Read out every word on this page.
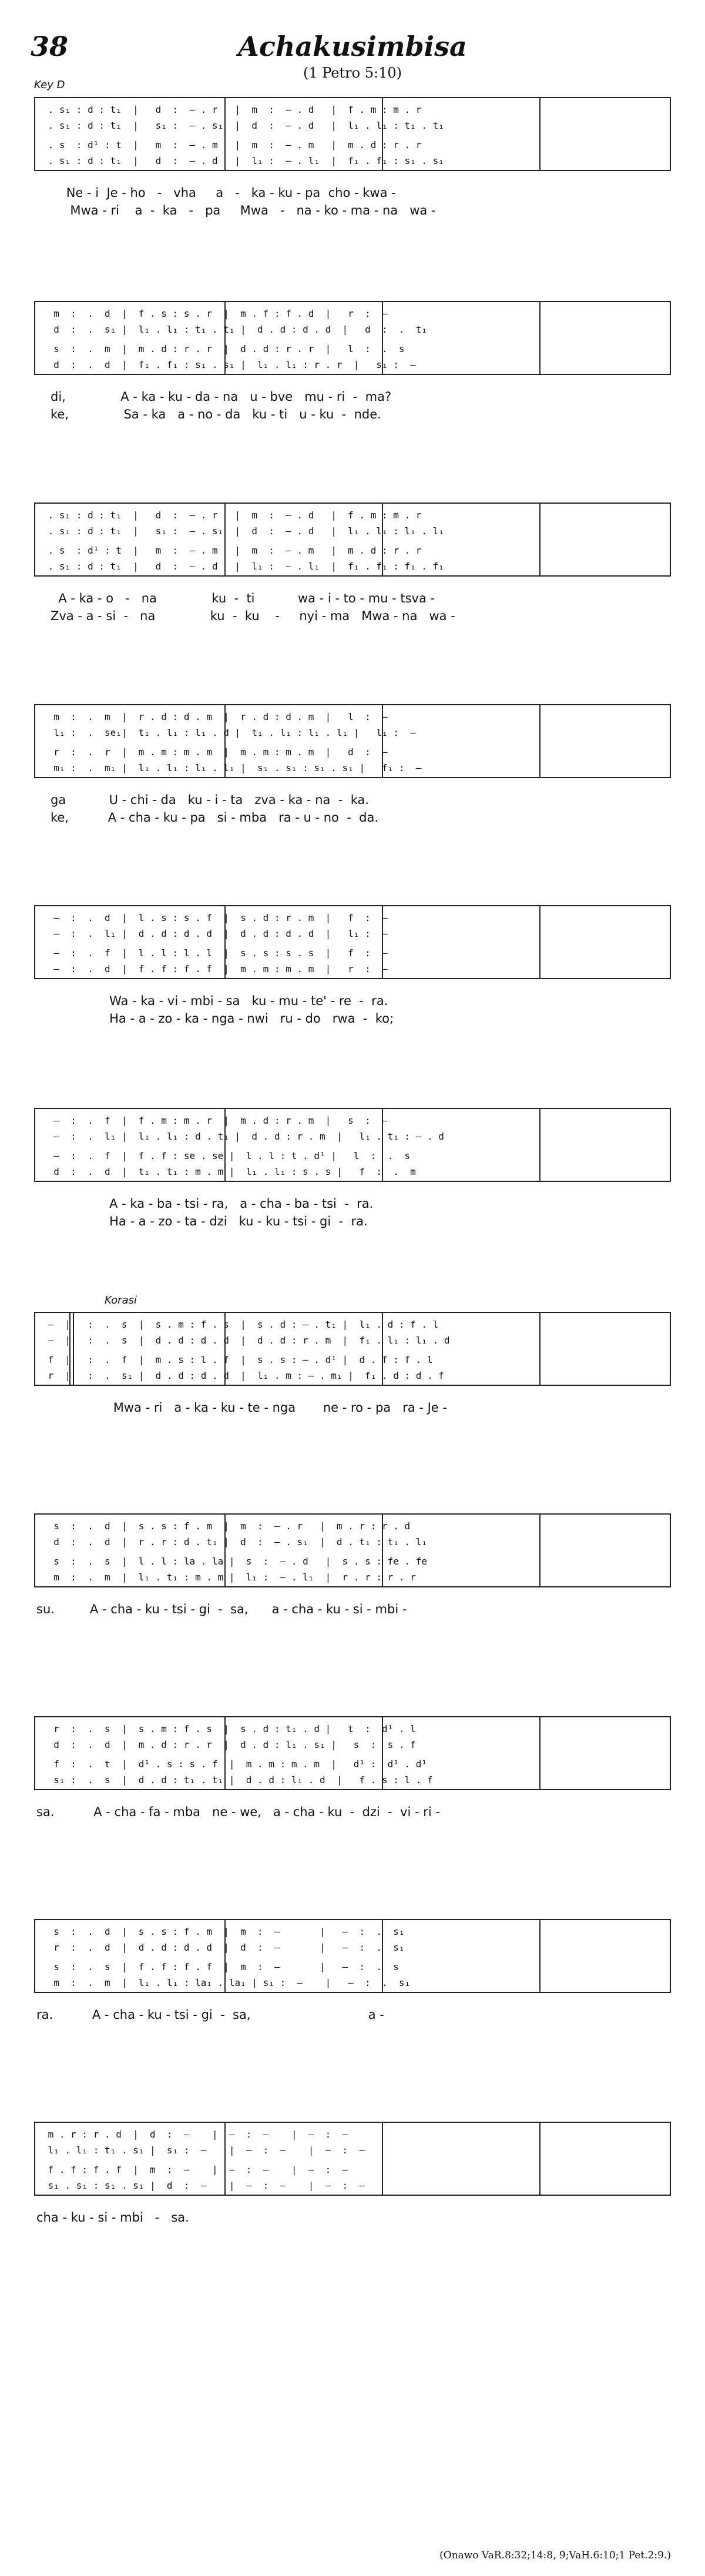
38	Achakusimbisa
(1 Petro 5:10)
Key D
. s₁ : d : t₁  |   d  :  – . r   |  m  :  – . d   |  f . m : m . r
. s₁ : d : t₁  |   s₁ :  – . s₁  |  d  :  – . d   |  l₁ . l₁ : t₁ . t₁
. s  : d¹ : t  |   m  :  – . m   |  m  :  – . m   |  m . d : r . r
. s₁ : d : t₁  |   d  :  – . d   |  l₁ :  – . l₁  |  f₁ . f₁ : s₁ . s₁
Ne - i  Je - ho   -   vha     a   -   ka - ku - pa  cho - kwa -
Mwa - ri    a  -  ka   -   pa     Mwa   -   na - ko - ma - na   wa -
m  :  .  d  |  f . s : s . r  |  m . f : f . d  |   r  :  —
d  :  .  s₁ |  l₁ . l₁ : t₁ . t₁ |  d . d : d . d  |   d  :  .  t₁
s  :  .  m  |  m . d : r . r  |  d . d : r . r  |   l  :  .  s
d  :  .  d  |  f₁ . f₁ : s₁ . s₁ |  l₁ . l₁ : r . r  |   s₁ :  —
di,              A - ka - ku - da - na   u - bve   mu - ri  -  ma?
ke,              Sa - ka   a - no - da   ku - ti   u - ku  -  nde.
. s₁ : d : t₁  |   d  :  – . r   |  m  :  – . d   |  f . m : m . r
. s₁ : d : t₁  |   s₁ :  – . s₁  |  d  :  – . d   |  l₁ . l₁ : l₁ . l₁
. s  : d¹ : t  |   m  :  – . m   |  m  :  – . m   |  m . d : r . r
. s₁ : d : t₁  |   d  :  – . d   |  l₁ :  – . l₁  |  f₁ . f₁ : f₁ . f₁
A - ka - o   -   na              ku  -  ti           wa - i - to - mu - tsva -
Zva - a - si  -   na              ku  -  ku    -     nyi - ma   Mwa - na   wa -
m  :  .  m  |  r . d : d . m  |  r . d : d . m  |   l  :  —
l₁ :  .  se₁|  t₁ . l₁ : l₁ . d |  t₁ . l₁ : l₁ . l₁ |   l₁ :  —
r  :  .  r  |  m . m : m . m  |  m . m : m . m  |   d  :  —
m₁ :  .  m₁ |  l₁ . l₁ : l₁ . l₁ |  s₁ . s₁ : s₁ . s₁ |   f₁ :  —
ga           U - chi - da   ku - i - ta   zva - ka - na  -  ka.
ke,          A - cha - ku - pa   si - mba   ra - u - no  -  da.
—  :  .  d  |  l . s : s . f  |  s . d : r . m  |   f  :  —
—  :  .  l₁ |  d . d : d . d  |  d . d : d . d  |   l₁ :  —
—  :  .  f  |  l . l : l . l  |  s . s : s . s  |   f  :  —
—  :  .  d  |  f . f : f . f  |  m . m : m . m  |   r  :  —
Wa - ka - vi - mbi - sa   ku - mu - te' - re  -  ra.
Ha - a - zo - ka - nga - nwi   ru - do   rwa  -  ko;
—  :  .  f  |  f . m : m . r  |  m . d : r . m  |   s  :  —
—  :  .  l₁ |  l₁ . l₁ : d . t₁ |  d . d : r . m  |   l₁ . t₁ : – . d
—  :  .  f  |  f . f : se . se |  l . l : t . d¹ |   l  :  .  s
d  :  .  d  |  t₁ . t₁ : m . m |  l₁ . l₁ : s . s |   f  :  .  m
A - ka - ba - tsi - ra,   a - cha - ba - tsi  -  ra.
Ha - a - zo - ta - dzi   ku - ku - tsi - gi  -  ra.
—  ||  :  .  s  |  s . m : f . s  |  s . d : – . t₁ |  l₁ . d : f . l
—  ||  :  .  s  |  d . d : d . d  |  d . d : r . m  |  f₁ . l₁ : l₁ . d
f  ||  :  .  f  |  m . s : l . f  |  s . s : – . d¹ |  d . f : f . l
r  ||  :  .  s₁ |  d . d : d . d  |  l₁ . m : – . m₁ |  f₁ . d : d . f
Mwa - ri   a - ka - ku - te - nga       ne - ro - pa   ra - Je -
Korasi
s  :  .  d  |  s . s : f . m  |  m  :  – . r   |  m . r : r . d
d  :  .  d  |  r . r : d . t₁ |  d  :  – . s₁  |  d . t₁ : t₁ . l₁
s  :  .  s  |  l . l : la . la |  s  :  – . d   |  s . s : fe . fe
m  :  .  m  |  l₁ . t₁ : m . m |  l₁ :  – . l₁  |  r . r : r . r
su.         A - cha - ku - tsi - gi  -  sa,      a - cha - ku - si - mbi -
r  :  .  s  |  s . m : f . s  |  s . d : t₁ . d |   t  :  d¹ . l
d  :  .  d  |  m . d : r . r  |  d . d : l₁ . s₁ |   s  :  s . f
f  :  .  t  |  d¹ . s : s . f  |  m . m : m . m  |   d¹ :  d¹ . d¹
s₁ :  .  s  |  d . d : t₁ . t₁ |  d . d : l₁ . d  |   f . s : l . f
sa.          A - cha - fa - mba   ne - we,   a - cha - ku  -  dzi  -  vi - ri -
s  :  .  d  |  s . s : f . m  |  m  :  —       |   —  :  .  s₁
r  :  .  d  |  d . d : d . d  |  d  :  —       |   —  :  .  s₁
s  :  .  s  |  f . f : f . f  |  m  :  —       |   —  :  .  s
m  :  .  m  |  l₁ . l₁ : la₁ . la₁ | s₁ :  —    |   —  :  .  s₁
ra.          A - cha - ku - tsi - gi  -  sa,                              a -
m . r : r . d  |  d  :  —    |  —  :  —    |  —  :  —
l₁ . l₁ : t₁ . s₁ |  s₁ :  —    |  —  :  —    |  —  :  —
f . f : f . f  |  m  :  —    |  —  :  —    |  —  :  —
s₁ . s₁ : s₁ . s₁ |  d  :  —    |  —  :  —    |  —  :  —
cha - ku - si - mbi   -   sa.
(Onawo VaR.8:32;14:8, 9;VaH.6:10;1 Pet.2:9.)
